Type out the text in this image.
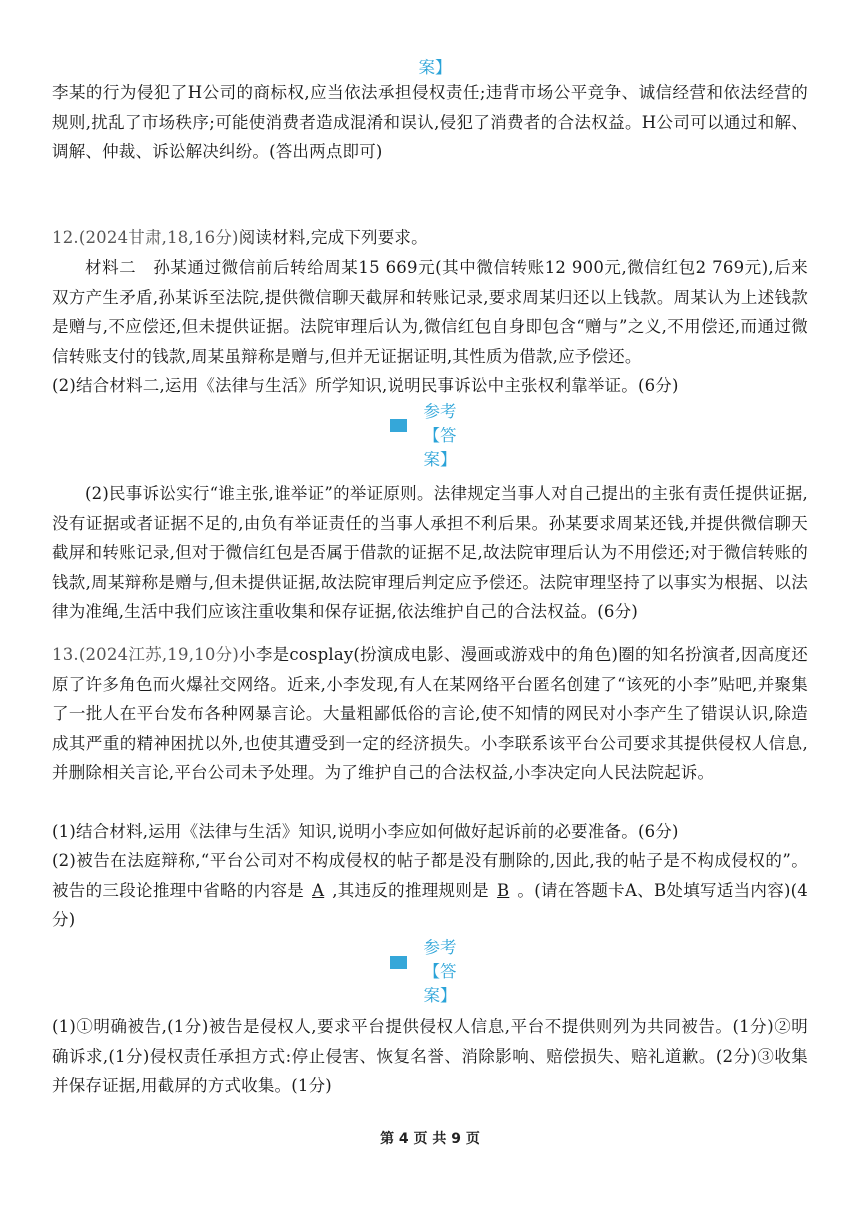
案】
李某的行为侵犯了H公司的商标权,应当依法承担侵权责任;违背市场公平竞争、诚信经营和依法经营的规则,扰乱了市场秩序;可能使消费者造成混淆和误认,侵犯了消费者的合法权益。H公司可以通过和解、调解、仲裁、诉讼解决纠纷。(答出两点即可)
12.(2024甘肃,18,16分)阅读材料,完成下列要求。
材料二　孙某通过微信前后转给周某15 669元(其中微信转账12 900元,微信红包2 769元),后来双方产生矛盾,孙某诉至法院,提供微信聊天截屏和转账记录,要求周某归还以上钱款。周某认为上述钱款是赠与,不应偿还,但未提供证据。法院审理后认为,微信红包自身即包含“赠与”之义,不用偿还,而通过微信转账支付的钱款,周某虽辩称是赠与,但并无证据证明,其性质为借款,应予偿还。
(2)结合材料二,运用《法律与生活》所学知识,说明民事诉讼中主张权利靠举证。(6分)
参考
【答
案】
(2)民事诉讼实行“谁主张,谁举证”的举证原则。法律规定当事人对自己提出的主张有责任提供证据,没有证据或者证据不足的,由负有举证责任的当事人承担不利后果。孙某要求周某还钱,并提供微信聊天截屏和转账记录,但对于微信红包是否属于借款的证据不足,故法院审理后认为不用偿还;对于微信转账的钱款,周某辩称是赠与,但未提供证据,故法院审理后判定应予偿还。法院审理坚持了以事实为根据、以法律为准绳,生活中我们应该注重收集和保存证据,依法维护自己的合法权益。(6分)
13.(2024江苏,19,10分)小李是cosplay(扮演成电影、漫画或游戏中的角色)圈的知名扮演者,因高度还原了许多角色而火爆社交网络。近来,小李发现,有人在某网络平台匿名创建了“该死的小李”贴吧,并聚集了一批人在平台发布各种网暴言论。大量粗鄙低俗的言论,使不知情的网民对小李产生了错误认识,除造成其严重的精神困扰以外,也使其遭受到一定的经济损失。小李联系该平台公司要求其提供侵权人信息,并删除相关言论,平台公司未予处理。为了维护自己的合法权益,小李决定向人民法院起诉。
(1)结合材料,运用《法律与生活》知识,说明小李应如何做好起诉前的必要准备。(6分)
(2)被告在法庭辩称,“平台公司对不构成侵权的帖子都是没有删除的,因此,我的帖子是不构成侵权的”。被告的三段论推理中省略的内容是 A ,其违反的推理规则是 B 。(请在答题卡A、B处填写适当内容)(4分)
参考
【答
案】
(1)①明确被告,(1分)被告是侵权人,要求平台提供侵权人信息,平台不提供则列为共同被告。(1分)②明确诉求,(1分)侵权责任承担方式:停止侵害、恢复名誉、消除影响、赔偿损失、赔礼道歉。(2分)③收集并保存证据,用截屏的方式收集。(1分)
第 4 页 共 9 页
